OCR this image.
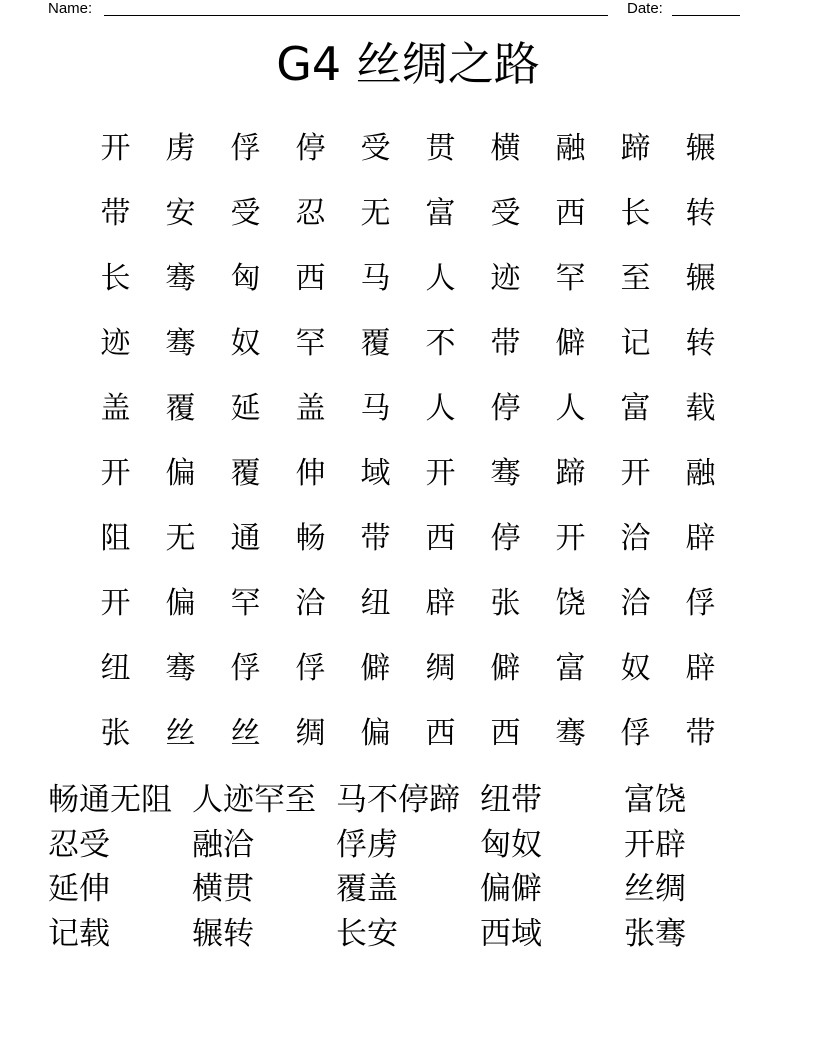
Name:	Date:
G4 丝绸之路
开	虏	俘	停	受	贯	横	融	蹄	辗
带	安	受	忍	无	富	受	西	长	转
长	骞	匈	西	马	人	迹	罕	至	辗
迹	骞	奴	罕	覆	不	带	僻	记	转
盖	覆	延	盖	马	人	停	人	富	载
开	偏	覆	伸	域	开	骞	蹄	开	融
阻	无	通	畅	带	西	停	开	洽	辟
开	偏	罕	洽	纽	辟	张	饶	洽	俘
纽	骞	俘	俘	僻	绸	僻	富	奴	辟
张	丝	丝	绸	偏	西	西	骞	俘	带
畅通无阻 人迹罕至 马不停蹄 纽带	富饶
忍受	融洽	俘虏	匈奴	开辟
延伸	横贯	覆盖	偏僻	丝绸
记载	辗转	长安	西域	张骞
